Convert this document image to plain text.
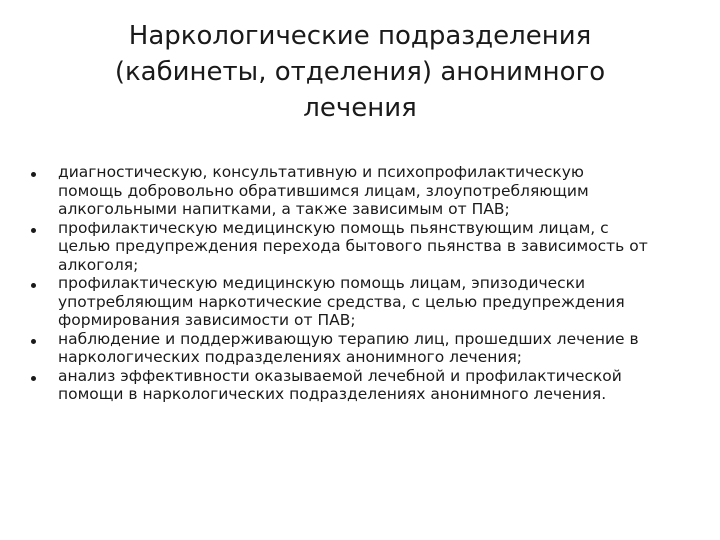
Наркологические подразделения
(кабинеты, отделения) анонимного
лечения
диагностическую, консультативную и психопрофилактическую
помощь добровольно обратившимся лицам, злоупотребляющим
алкогольными напитками, а также зависимым от ПАВ;
профилактическую медицинскую помощь пьянствующим лицам, с
целью предупреждения перехода бытового пьянства в зависимость от
алкоголя;
профилактическую медицинскую помощь лицам, эпизодически
употребляющим наркотические средства, с целью предупреждения
формирования зависимости от ПАВ;
наблюдение и поддерживающую терапию лиц, прошедших лечение в
наркологических подразделениях анонимного лечения;
анализ эффективности оказываемой лечебной и профилактической
помощи в наркологических подразделениях анонимного лечения.
